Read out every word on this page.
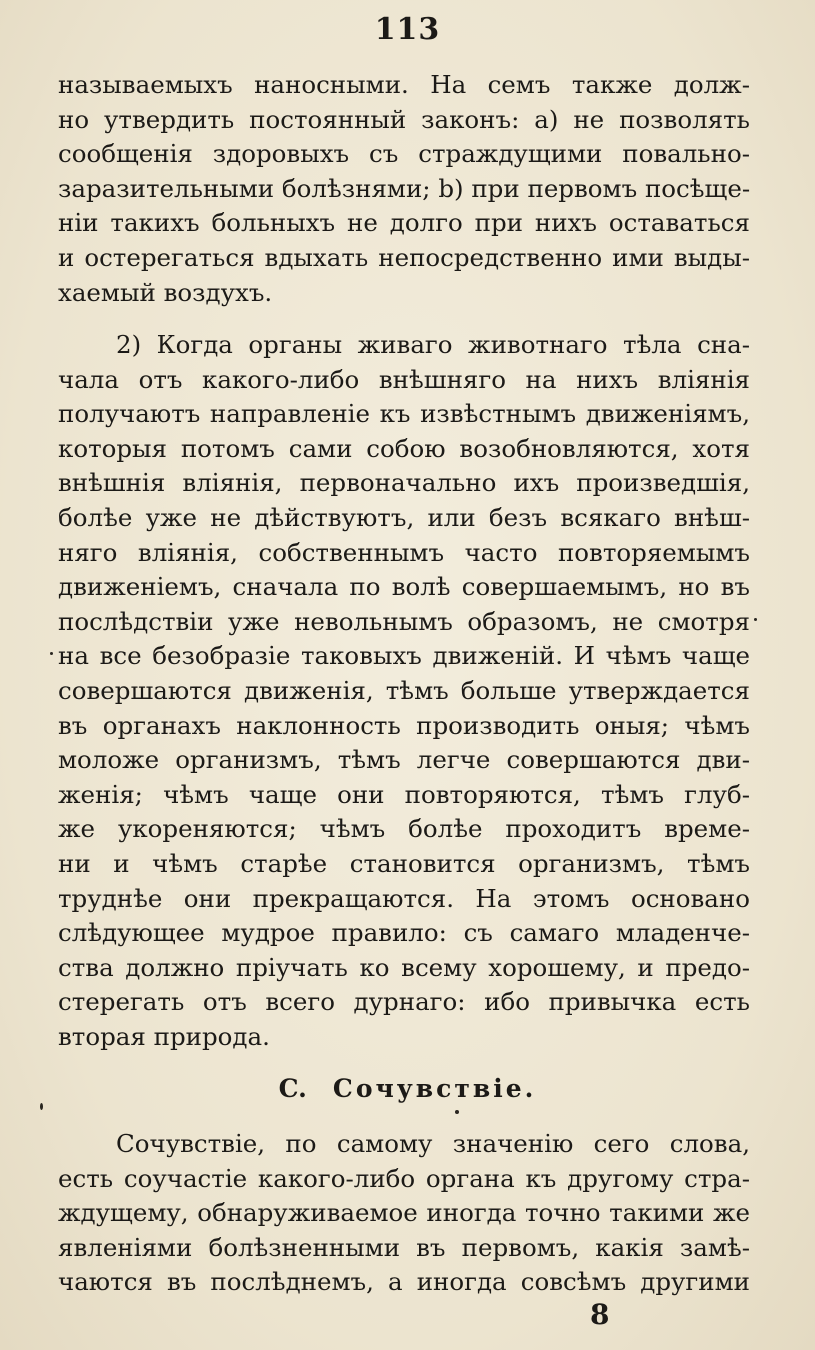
113
называемыхъ наносными. На семъ также долж-
но утвердить постоянный законъ: a) не позволять
сообщенія здоровыхъ съ страждущими повально-
заразительными болѣзнями; b) при первомъ посѣще-
ніи такихъ больныхъ не долго при нихъ оставаться
и остерегаться вдыхать непосредственно ими выды-
хаемый воздухъ.
2) Когда органы живаго животнаго тѣла сна-
чала отъ какого-либо внѣшняго на нихъ вліянія
получаютъ направленіе къ извѣстнымъ движеніямъ,
которыя потомъ сами собою возобновляются, хотя
внѣшнія вліянія, первоначально ихъ произведшія,
болѣе уже не дѣйствуютъ, или безъ всякаго внѣш-
няго вліянія, собственнымъ часто повторяемымъ
движеніемъ, сначала по волѣ совершаемымъ, но въ
послѣдствіи уже невольнымъ образомъ, не смотря
на все безобразіе таковыхъ движеній. И чѣмъ чаще
совершаются движенія, тѣмъ больше утверждается
въ органахъ наклонность производить оныя; чѣмъ
моложе организмъ, тѣмъ легче совершаются дви-
женія; чѣмъ чаще они повторяются, тѣмъ глуб-
же укореняются; чѣмъ болѣе проходитъ време-
ни и чѣмъ старѣе становится организмъ, тѣмъ
труднѣе они прекращаются. На этомъ основано
слѣдующее мудрое правило: съ самаго младенче-
ства должно пріучать ко всему хорошему, и предо-
стерегать отъ всего дурнаго: ибо привычка есть
вторая природа.
C. Сочувствіе.
Сочувствіе, по самому значенію сего слова,
есть соучастіе какого-либо органа къ другому стра-
ждущему, обнаруживаемое иногда точно такими же
явленіями болѣзненными въ первомъ, какія замѣ-
чаются въ послѣднемъ, а иногда совсѣмъ другими
8
